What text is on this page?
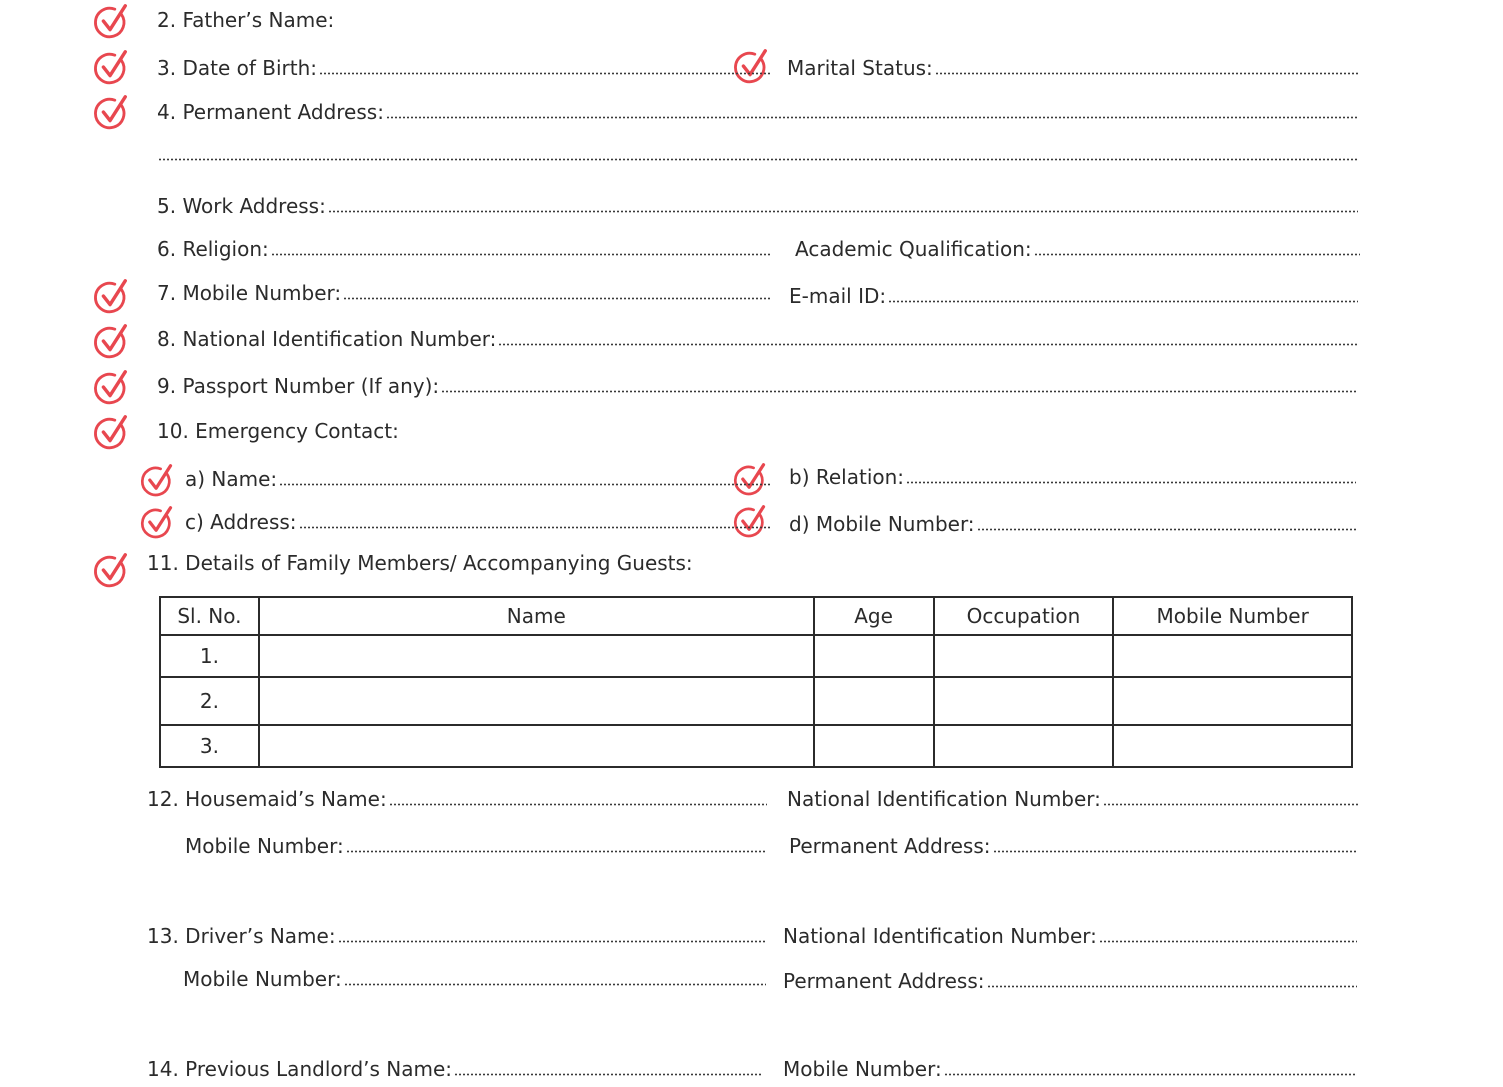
2. Father’s Name:
3. Date of Birth:	Marital Status:
4. Permanent Address:
5. Work Address:
6. Religion:	Academic Qualification:
7. Mobile Number:	E-mail ID:
8. National Identification Number:
9. Passport Number (If any):
10. Emergency Contact:
a) Name:	b) Relation:
c) Address:	d) Mobile Number:
11. Details of Family Members/ Accompanying Guests:
Sl. No.	Name	Age	Occupation	Mobile Number
1.				
2.				
3.				
12. Housemaid’s Name:	National Identification Number:
Mobile Number:	Permanent Address:
13. Driver’s Name:	National Identification Number:
Mobile Number:	Permanent Address:
14. Previous Landlord’s Name:	Mobile Number:
